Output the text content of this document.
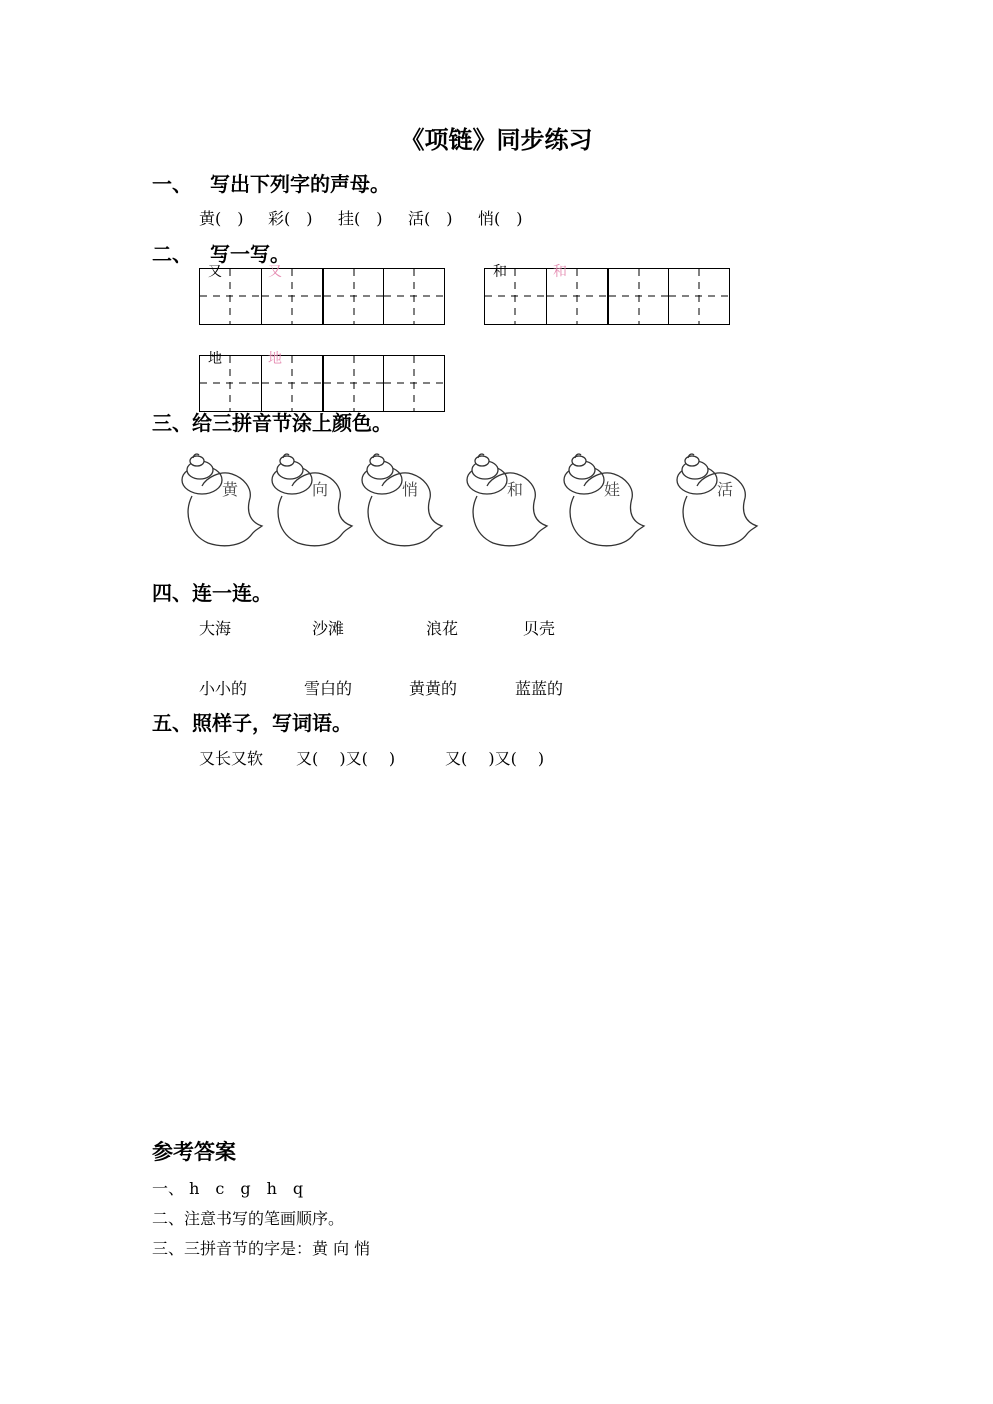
《项链》同步练习
一、 写出下列字的声母。
黄(　) 彩(　) 挂(　) 活(　) 悄(　)
二、 写一写。
又	又	和	和
地	地
三、给三拼音节涂上颜色。
黄	向	悄	和	娃	活
四、连一连。
大海	沙滩	浪花	贝壳
小小的	雪白的	黄黄的	蓝蓝的
五、照样子，写词语。
又长又软 又(　 )又(　 )	又(　 )又(　 )
参考答案
一、 h　c　g　h　q
二、注意书写的笔画顺序。
三、三拼音节的字是：黄 向 悄
